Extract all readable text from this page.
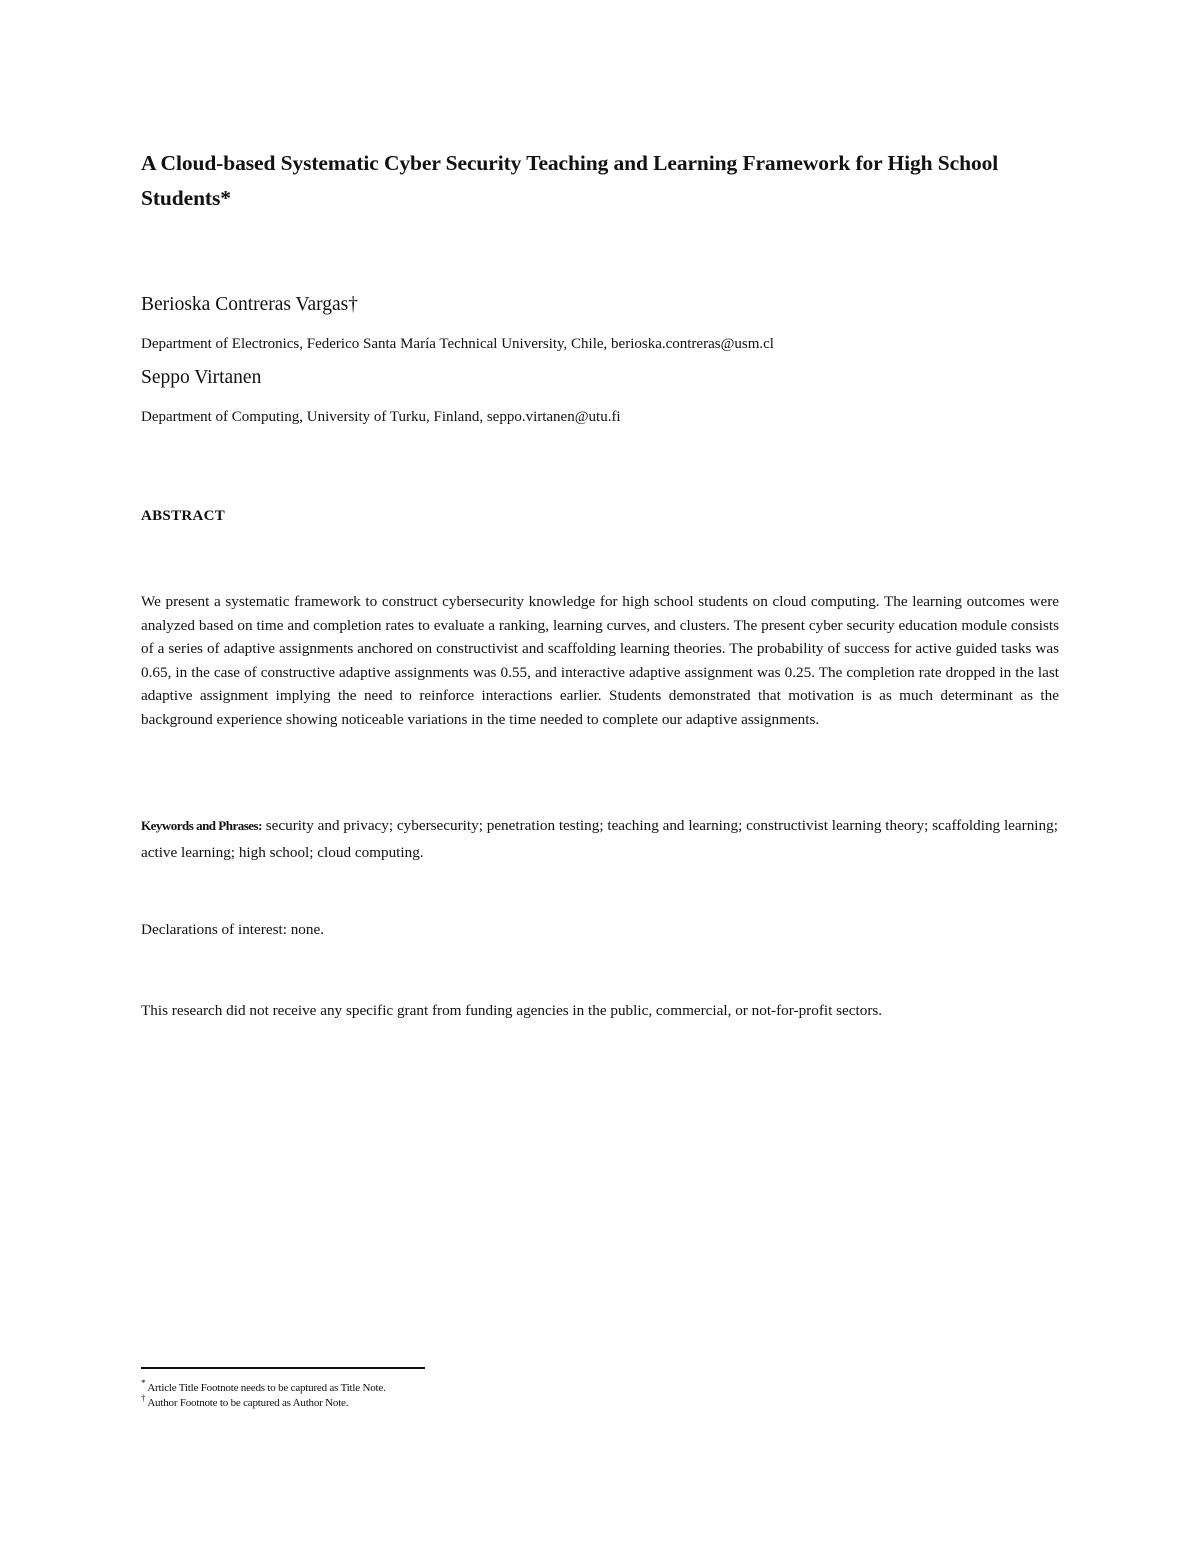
A Cloud-based Systematic Cyber Security Teaching and Learning Framework for High School Students*
Berioska Contreras Vargas†
Department of Electronics, Federico Santa María Technical University, Chile, berioska.contreras@usm.cl
Seppo Virtanen
Department of Computing, University of Turku, Finland, seppo.virtanen@utu.fi
ABSTRACT
We present a systematic framework to construct cybersecurity knowledge for high school students on cloud computing. The learning outcomes were analyzed based on time and completion rates to evaluate a ranking, learning curves, and clusters. The present cyber security education module consists of a series of adaptive assignments anchored on constructivist and scaffolding learning theories. The probability of success for active guided tasks was 0.65, in the case of constructive adaptive assignments was 0.55, and interactive adaptive assignment was 0.25. The completion rate dropped in the last adaptive assignment implying the need to reinforce interactions earlier. Students demonstrated that motivation is as much determinant as the background experience showing noticeable variations in the time needed to complete our adaptive assignments.
Keywords and Phrases: security and privacy; cybersecurity; penetration testing; teaching and learning; constructivist learning theory; scaffolding learning; active learning; high school; cloud computing.
Declarations of interest: none.
This research did not receive any specific grant from funding agencies in the public, commercial, or not-for-profit sectors.
* Article Title Footnote needs to be captured as Title Note.
† Author Footnote to be captured as Author Note.
